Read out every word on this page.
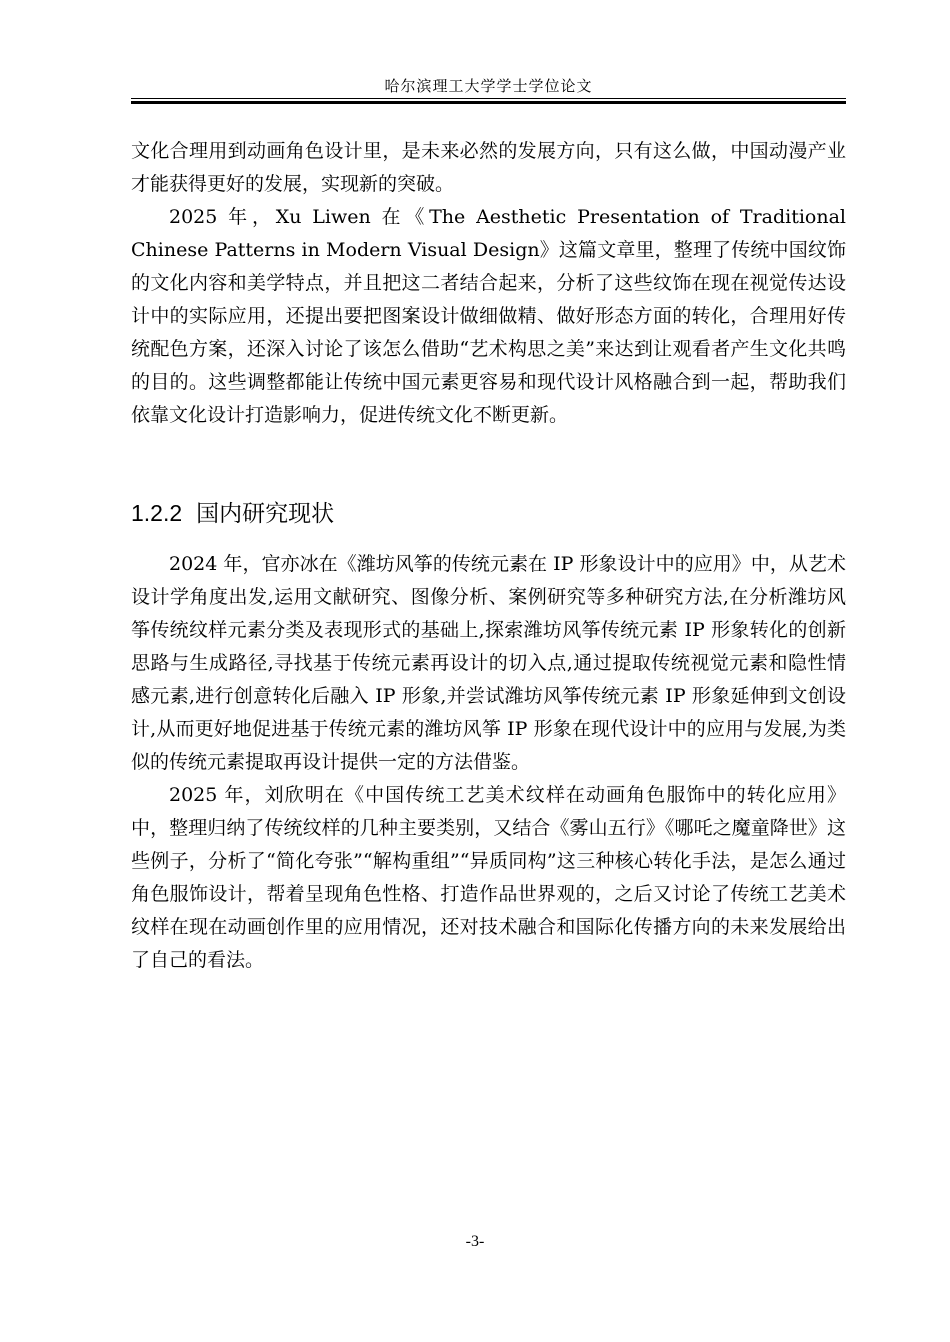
哈尔滨理工大学学士学位论文

文化合理用到动画角色设计里，是未来必然的发展方向，只有这么做，中国动漫产业才能获得更好的发展，实现新的突破。

2025 年，Xu Liwen 在《The Aesthetic Presentation of Traditional Chinese Patterns in Modern Visual Design》这篇文章里，整理了传统中国纹饰的文化内容和美学特点，并且把这二者结合起来，分析了这些纹饰在现在视觉传达设计中的实际应用，还提出要把图案设计做细做精、做好形态方面的转化，合理用好传统配色方案，还深入讨论了该怎么借助“艺术构思之美”来达到让观看者产生文化共鸣的目的。这些调整都能让传统中国元素更容易和现代设计风格融合到一起，帮助我们依靠文化设计打造影响力，促进传统文化不断更新。

1.2.2 国内研究现状

2024 年，官亦冰在《潍坊风筝的传统元素在 IP 形象设计中的应用》中，从艺术设计学角度出发,运用文献研究、图像分析、案例研究等多种研究方法,在分析潍坊风筝传统纹样元素分类及表现形式的基础上,探索潍坊风筝传统元素 IP 形象转化的创新思路与生成路径,寻找基于传统元素再设计的切入点,通过提取传统视觉元素和隐性情感元素,进行创意转化后融入 IP 形象,并尝试潍坊风筝传统元素 IP 形象延伸到文创设计,从而更好地促进基于传统元素的潍坊风筝 IP 形象在现代设计中的应用与发展,为类似的传统元素提取再设计提供一定的方法借鉴。

2025 年，刘欣明在《中国传统工艺美术纹样在动画角色服饰中的转化应用》中，整理归纳了传统纹样的几种主要类别，又结合《雾山五行》《哪吒之魔童降世》这些例子，分析了“简化夸张”“解构重组”“异质同构”这三种核心转化手法，是怎么通过角色服饰设计，帮着呈现角色性格、打造作品世界观的，之后又讨论了传统工艺美术纹样在现在动画创作里的应用情况，还对技术融合和国际化传播方向的未来发展给出了自己的看法。

-3-
